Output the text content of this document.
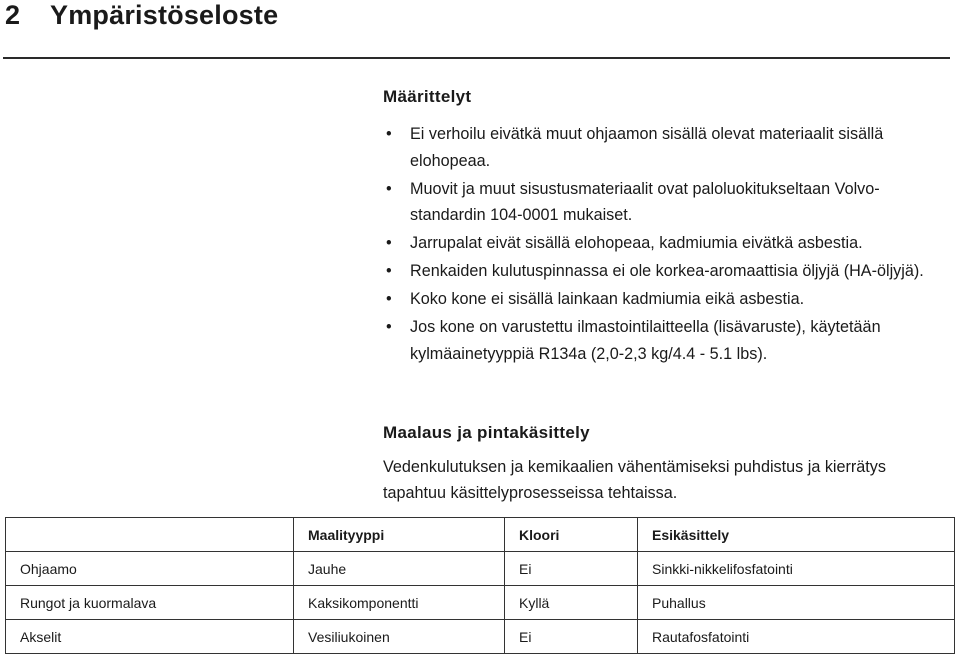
2 Ympäristöseloste
Määrittelyt
• Ei verhoilu eivätkä muut ohjaamon sisällä olevat materiaalit sisällä elohopeaa.
• Muovit ja muut sisustusmateriaalit ovat paloluokitukseltaan Volvo-standardin 104-0001 mukaiset.
• Jarrupalat eivät sisällä elohopeaa, kadmiumia eivätkä asbestia.
• Renkaiden kulutuspinnassa ei ole korkea-aromaattisia öljyjä (HA-öljyjä).
• Koko kone ei sisällä lainkaan kadmiumia eikä asbestia.
• Jos kone on varustettu ilmastointilaitteella (lisävaruste), käytetään kylmäainetyyppiä R134a (2,0-2,3 kg/4.4 - 5.1 lbs).
Maalaus ja pintakäsittely

Vedenkulutuksen ja kemikaalien vähentämiseksi puhdistus ja kierrätys tapahtuu käsittelyprosesseissa tehtaissa.

	Maalityyppi	Kloori	Esikäsittely
Ohjaamo	Jauhe	Ei	Sinkki-nikkelifosfatointi
Rungot ja kuormalava	Kaksikomponentti	Kyllä	Puhallus
Akselit	Vesiliukoinen	Ei	Rautafosfatointi
